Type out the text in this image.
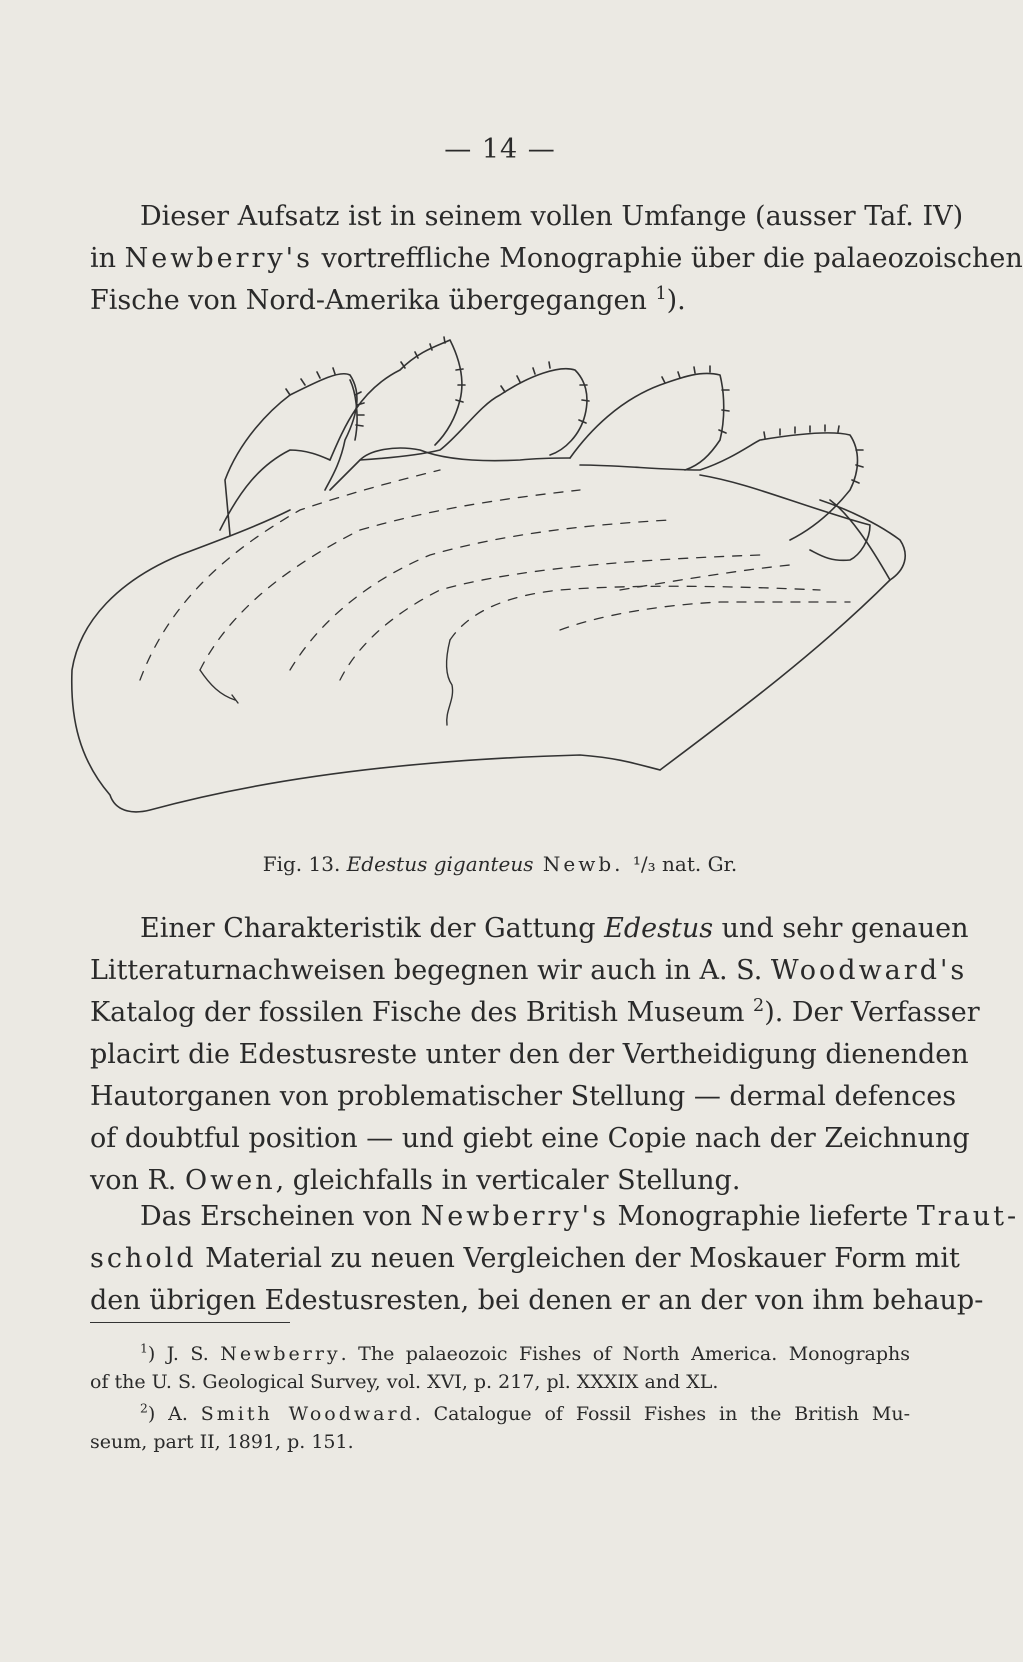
— 14 —
Dieser Aufsatz ist in seinem vollen Umfange (ausser Taf. IV)
in Newberry's vortreffliche Monographie über die palaeozoischen
Fische von Nord-Amerika übergegangen $^1$).
Fig. 13. Edestus giganteus Newb. ¹/₃ nat. Gr.
Einer Charakteristik der Gattung Edestus und sehr genauen
Litteraturnachweisen begegnen wir auch in A. S. Woodward's
Katalog der fossilen Fische des British Museum $^2$). Der Verfasser
placirt die Edestusreste unter den der Vertheidigung dienenden
Hautorganen von problematischer Stellung — dermal defences
of doubtful position — und giebt eine Copie nach der Zeichnung
von R. Owen, gleichfalls in verticaler Stellung.
Das Erscheinen von Newberry's Monographie lieferte Traut-
schold Material zu neuen Vergleichen der Moskauer Form mit
den übrigen Edestusresten, bei denen er an der von ihm behaup-
$^1$) J. S. Newberry. The palaeozoic Fishes of North America. Monographs
of the U. S. Geological Survey, vol. XVI, p. 217, pl. XXXIX and XL.
$^2$) A. Smith Woodward. Catalogue of Fossil Fishes in the British Mu-
seum, part II, 1891, p. 151.
